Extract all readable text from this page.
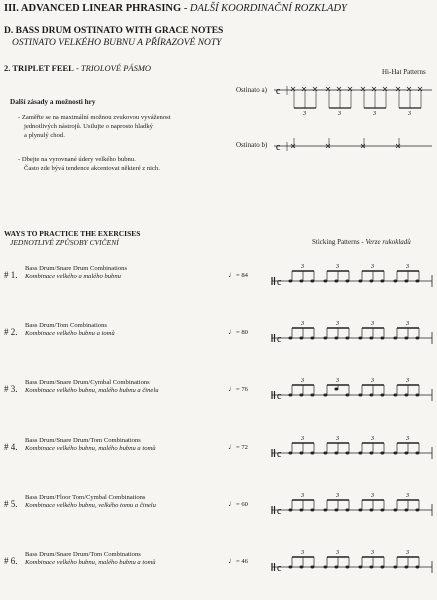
III. ADVANCED LINEAR PHRASING - DALŠÍ KOORDINAČNÍ ROZKLADY
D. BASS DRUM OSTINATO WITH GRACE NOTES
OSTINATO VELKÉHO BUBNU A PŘÍRAZOVÉ NOTY
2. TRIPLET FEEL - TRIOLOVÉ PÁSMO	Hi-Hat Patterns
Další zásady a možnosti hry
- Zaměřte se na maximální možnou zvukovou vyváženost
jednotlivých nástrojů. Usilujte o naprosto hladký
a plynulý chod.
- Dbejte na vyrovnané údery velkého bubnu.
Často zde bývá tendence akcentovat některé z nich.
Ostinato a) c
3	3	3	3
Ostinato b) c
WAYS TO PRACTICE THE EXERCISES
JEDNOTLIVÉ ZPŮSOBY CVIČENÍ	Sticking Patterns - Verze rukokladů
# 1.
Bass Drum/Snare Drum Combinations
Kombinace velkého a malého bubnu	♩= 84
c
3	3	3	3
# 2.
Bass Drum/Tom Combinations
Kombinace velkého bubnu a tomů	♩= 80
c
3	3	3	3
# 3.
Bass Drum/Snare Drum/Cymbal Combinations
Kombinace velkého bubnu, malého bubnu a činelu	♩= 76
c
3	3	3	3
# 4.
Bass Drum/Snare Drum/Tom Combinations
Kombinace velkého bubnu, malého bubnu a tomů	♩= 72
c
3	3	3	3
# 5.
Bass Drum/Floor Tom/Cymbal Combinations
Kombinace velkého bubnu, velkého tomu a činelu	♩= 60
c
3	3	3	3
# 6.
Bass Drum/Snare Drum/Tom Combinations
Kombinace velkého bubnu, malého bubnu a tomů	♩= 46
c
3	3	3	3
